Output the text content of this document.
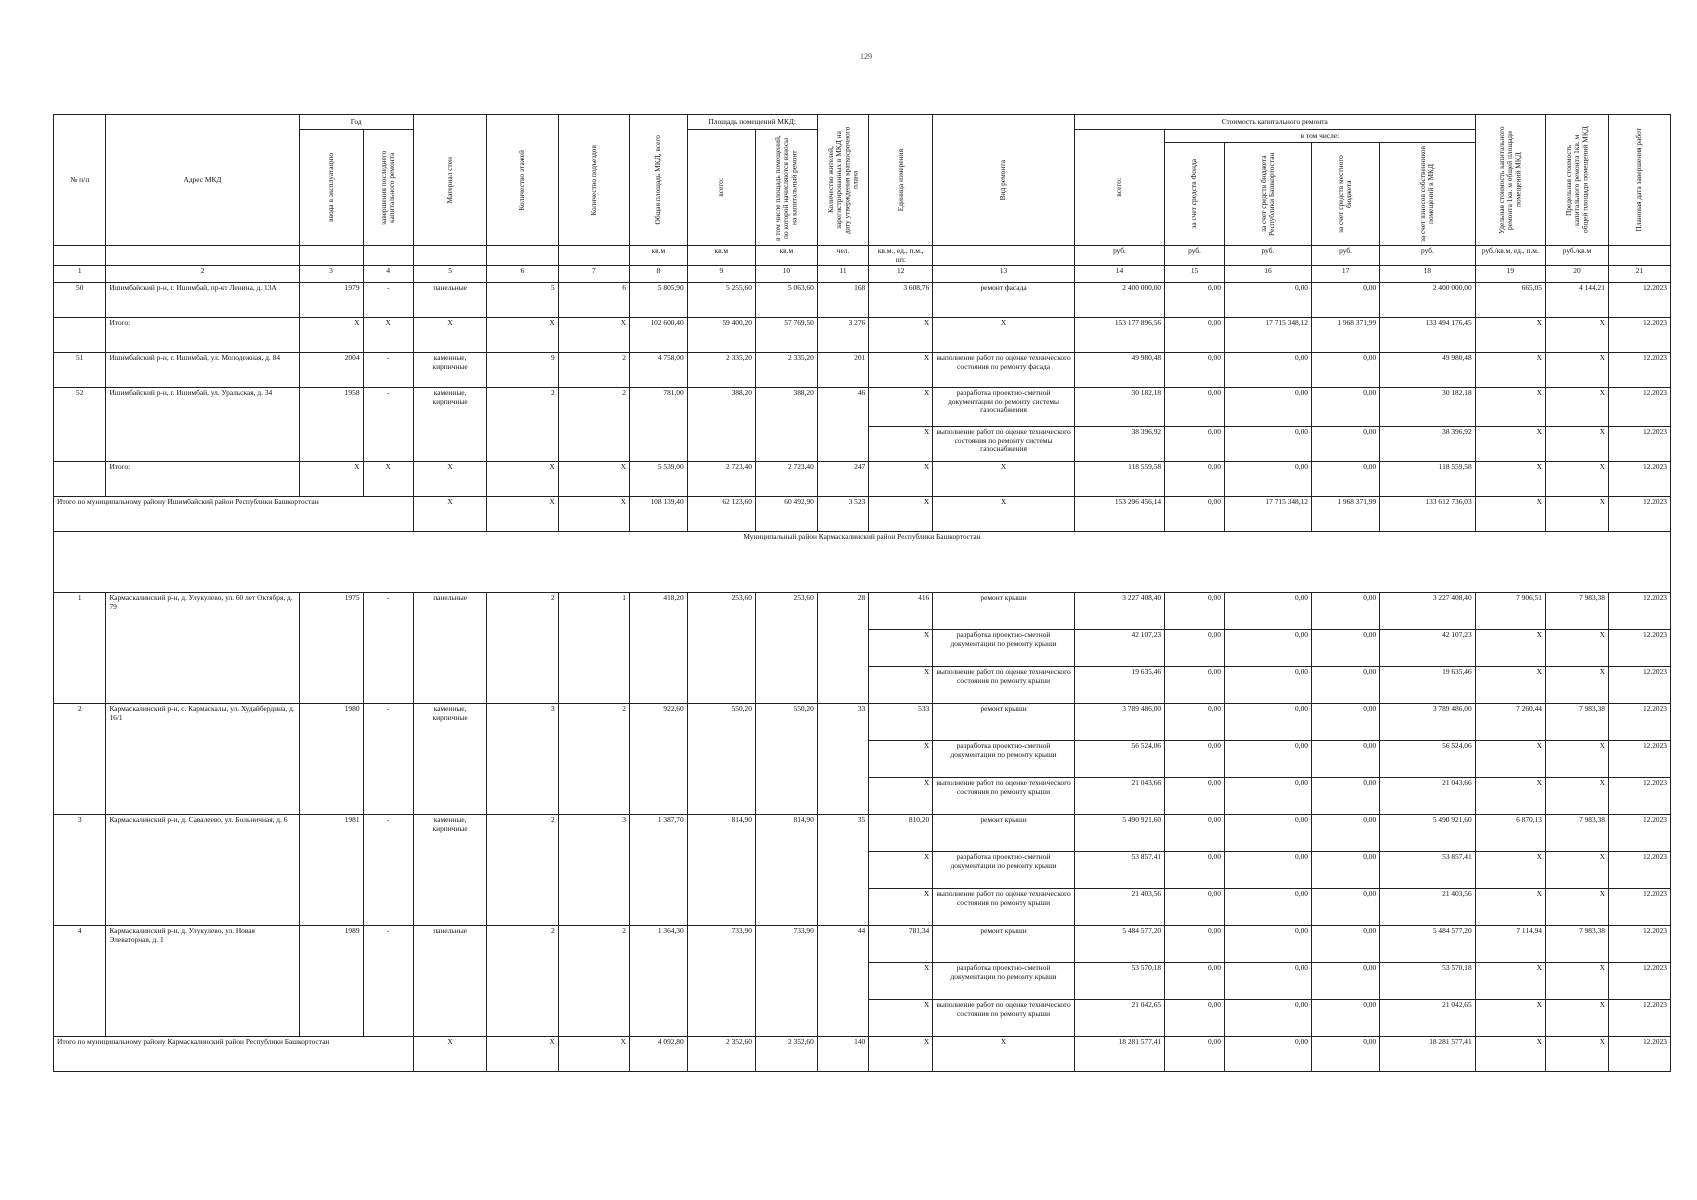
129
№ п/п	Адрес МКД	Год		Материал стен	Количество этажей	Количество подъездов	Общая площадь МКД, всего	Площадь помещений МКД:		Количество жителей, зарегистрированных в МКД на дату утверждения краткосрочного плана	Единица измерения	Вид ремонта	Стоимость капитального ремонта					Удельная стоимость капитального ремонта 1кв. м общей площади помещений МКД	Предельная стоимость капитального ремонта 1кв. м общей площади помещений МКД	Плановая дата завершения работ

		ввода в эксплуатацию	завершения последнего капитального ремонта					всего:	в том числе площадь помещений, по которой начисляются взносы на капитальный ремонт				всего:	в том числе:						

														за счет средств Фонда	за счет средств бюджета Республики Башкортостан	за счет средств местного бюджета	за счет взносов собственников помещений в МКД			

							кв.м	кв.м	кв.м	чел.	кв.м., ед., п.м., шт.		руб.	руб.	руб.	руб.	руб.	руб./кв.м, ед., п.м.	руб./кв.м	
1	2	3	4	5	6	7	8	9	10	11	12	13	14	15	16	17	18	19	20	21
50	Ишимбайский р-н, г. Ишимбай, пр-кт Ленина, д. 13А	1979	-	панельные	5	6	5 805,90	5 255,60	5 063,60	168	3 608,76	ремонт фасада	2 400 000,00	0,00	0,00	0,00	2 400 000,00	665,05	4 144,21	12.2023
	Итого:	X	X	X	X	X	102 600,40	59 400,20	57 769,50	3 276	X	X	153 177 896,56	0,00	17 715 348,12	1 968 371,99	133 494 176,45	X	X	12.2023
51	Ишимбайский р-н, г. Ишимбай, ул. Молодежная, д. 84	2004	-	каменные, кирпичные	9	2	4 758,00	2 335,20	2 335,20	201	X	выполнение работ по оценке технического состояния по ремонту фасада	49 980,48	0,00	0,00	0,00	49 980,48	X	X	12.2023
52	Ишимбайский р-н, г. Ишимбай, ул. Уральская, д. 34	1958	-	каменные, кирпичные	2	2	781,00	388,20	388,20	46	X	разработка проектно-сметной документации по ремонту системы газоснабжения	30 182,18	0,00	0,00	0,00	30 182,18	X	X	12.2023
											X	выполнение работ по оценке технического состояния по ремонту системы газоснабжения	38 396,92	0,00	0,00	0,00	38 396,92	X	X	12.2023
	Итого:	X	X	X	X	X	5 539,00	2 723,40	2 723,40	247	X	X	118 559,58	0,00	0,00	0,00	118 559,58	X	X	12.2023
Итого по муниципальному району Ишимбайский район Республики Башкортостан				X	X	X	108 139,40	62 123,60	60 492,90	3 523	X	X	153 296 456,14	0,00	17 715 348,12	1 968 371,99	133 612 736,03	X	X	12.2023
Муниципальный район Кармаскалинский район Республики Башкортостан																				
1	Кармаскалинский р-н, д. Улукулево, ул. 60 лет Октября, д. 79	1975	-	панельные	2	1	418,20	253,60	253,60	28	416	ремонт крыши	3 227 408,40	0,00	0,00	0,00	3 227 408,40	7 906,51	7 983,38	12.2023
											X	разработка проектно-сметной документации по ремонту крыши	42 107,23	0,00	0,00	0,00	42 107,23	X	X	12.2023
											X	выполнение работ по оценке технического состояния по ремонту крыши	19 635,46	0,00	0,00	0,00	19 635,46	X	X	12.2023
2	Кармаскалинский р-н, с. Кармаскалы, ул. Худайбердина, д. 16/1	1980	-	каменные, кирпичные	3	2	922,60	550,20	550,20	33	533	ремонт крыши	3 789 486,00	0,00	0,00	0,00	3 789 486,00	7 260,44	7 983,38	12.2023
											X	разработка проектно-сметной документации по ремонту крыши	56 524,06	0,00	0,00	0,00	56 524,06	X	X	12.2023
											X	выполнение работ по оценке технического состояния по ремонту крыши	21 043,66	0,00	0,00	0,00	21 043,66	X	X	12.2023
3	Кармаскалинский р-н, д. Савалеево, ул. Больничная, д. 6	1981	-	каменные, кирпичные	2	3	1 387,70	814,90	814,90	35	810,20	ремонт крыши	5 490 921,60	0,00	0,00	0,00	5 490 921,60	6 870,13	7 983,38	12.2023
											X	разработка проектно-сметной документации по ремонту крыши	53 857,41	0,00	0,00	0,00	53 857,41	X	X	12.2023
											X	выполнение работ по оценке технического состояния по ремонту крыши	21 403,56	0,00	0,00	0,00	21 403,56	X	X	12.2023
4	Кармаскалинский р-н, д. Улукулево, ул. Новая Элеваторная, д. 1	1989	-	панельные	2	2	1 364,30	733,90	733,90	44	781,34	ремонт крыши	5 484 577,20	0,00	0,00	0,00	5 484 577,20	7 114,94	7 983,38	12.2023
											X	разработка проектно-сметной документации по ремонту крыши	53 570,18	0,00	0,00	0,00	53 570,18	X	X	12.2023
											X	выполнение работ по оценке технического состояния по ремонту крыши	21 042,65	0,00	0,00	0,00	21 042,65	X	X	12.2023
Итого по муниципальному району Кармаскалинский район Республики Башкортостан				X	X	X	4 092,80	2 352,60	2 352,60	140	X	X	18 281 577,41	0,00	0,00	0,00	18 281 577,41	X	X	12.2023
